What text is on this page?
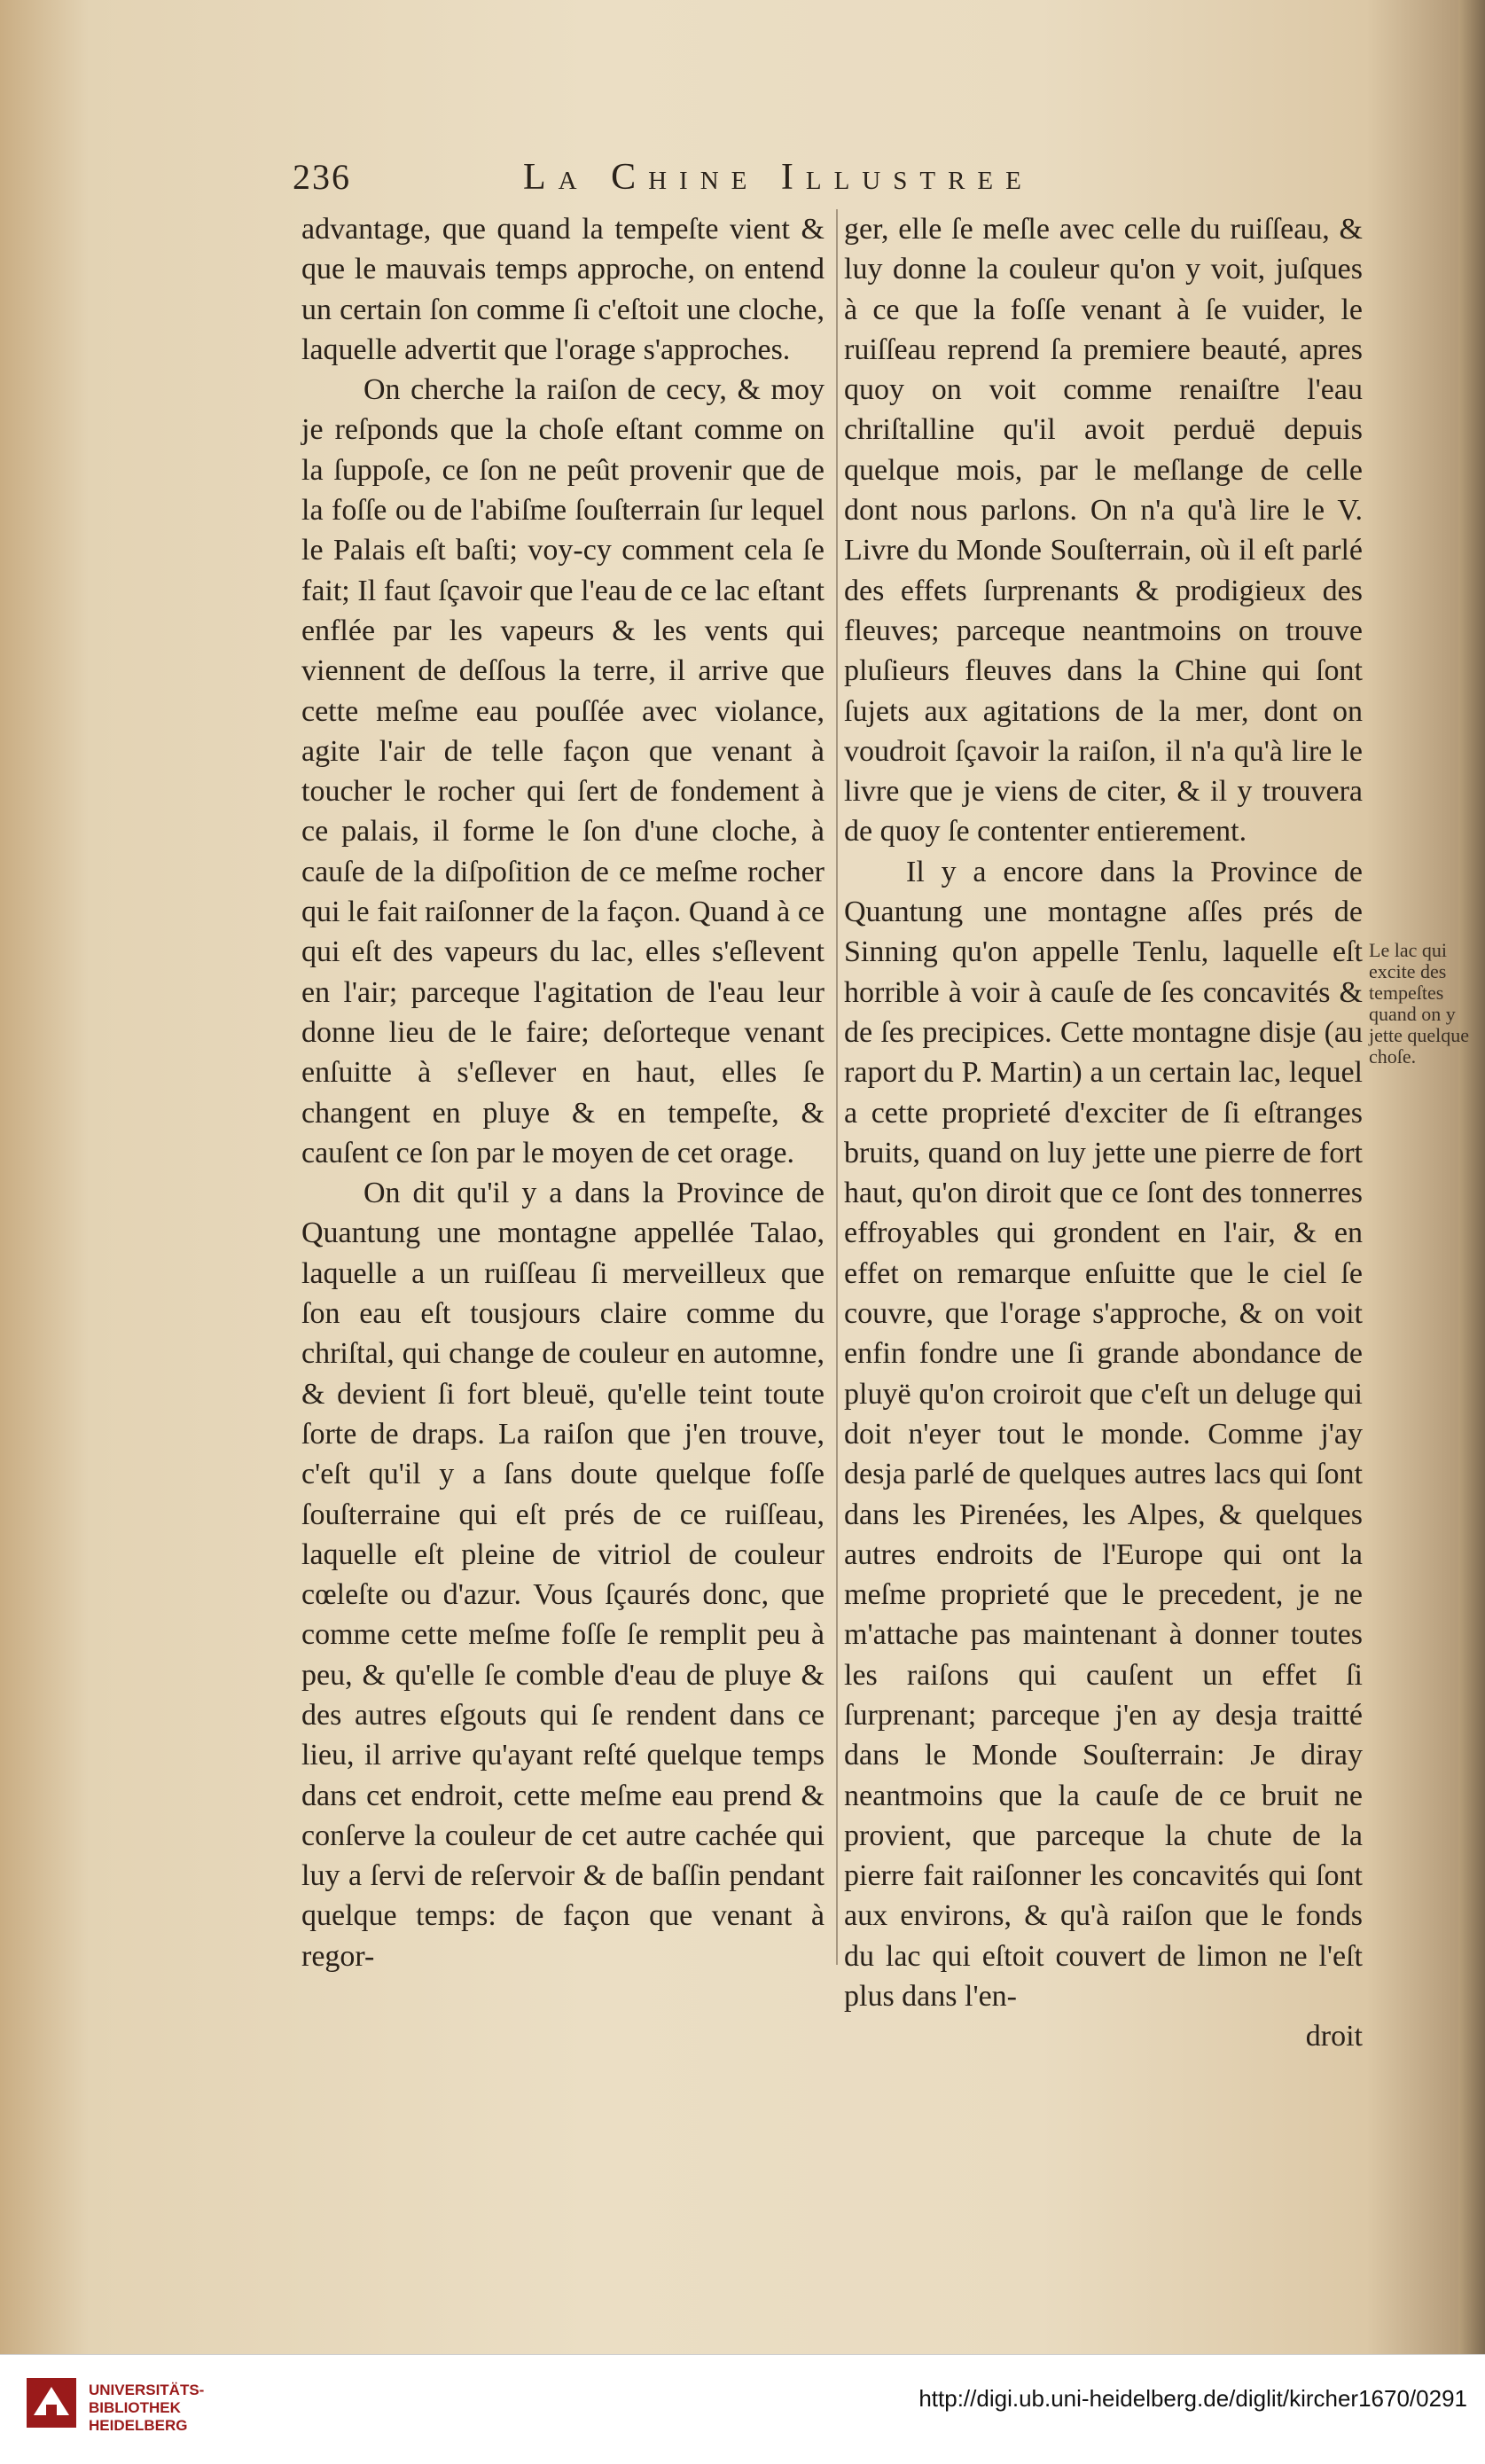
236	La Chine Illustree

advantage, que quand la tempeſte vient & que le mauvais temps approche, on entend un certain ſon comme ſi c'eſtoit une cloche, laquelle advertit que l'orage s'approches.

On cherche la raiſon de cecy, & moy je reſponds que la choſe eſtant comme on la ſuppoſe, ce ſon ne peût provenir que de la foſſe ou de l'abiſme ſouſterrain ſur lequel le Palais eſt baſti; voy-cy comment cela ſe fait; Il faut ſçavoir que l'eau de ce lac eſtant enflée par les vapeurs & les vents qui viennent de deſſous la terre, il arrive que cette meſme eau pouſſée avec violance, agite l'air de telle façon que venant à toucher le rocher qui ſert de fondement à ce palais, il forme le ſon d'une cloche, à cauſe de la diſpoſition de ce meſme rocher qui le fait raiſonner de la façon. Quand à ce qui eſt des vapeurs du lac, elles s'eſlevent en l'air; parceque l'agitation de l'eau leur donne lieu de le faire; deſorteque venant enſuitte à s'eſlever en haut, elles ſe changent en pluye & en tempeſte, & cauſent ce ſon par le moyen de cet orage.

On dit qu'il y a dans la Province de Quantung une montagne appellée Talao, laquelle a un ruiſſeau ſi merveilleux que ſon eau eſt tousjours claire comme du chriſtal, qui change de couleur en automne, & devient ſi fort bleuë, qu'elle teint toute ſorte de draps. La raiſon que j'en trouve, c'eſt qu'il y a ſans doute quelque foſſe ſouſterraine qui eſt prés de ce ruiſſeau, laquelle eſt pleine de vitriol de couleur cœleſte ou d'azur. Vous ſçaurés donc, que comme cette meſme foſſe ſe remplit peu à peu, & qu'elle ſe comble d'eau de pluye & des autres eſgouts qui ſe rendent dans ce lieu, il arrive qu'ayant reſté quelque temps dans cet endroit, cette meſme eau prend & conſerve la couleur de cet autre cachée qui luy a ſervi de reſervoir & de baſſin pendant quelque temps: de façon que venant à regor-

ger, elle ſe meſle avec celle du ruiſſeau, & luy donne la couleur qu'on y voit, juſques à ce que la foſſe venant à ſe vuider, le ruiſſeau reprend ſa premiere beauté, apres quoy on voit comme renaiſtre l'eau chriſtalline qu'il avoit perduë depuis quelque mois, par le meſlange de celle dont nous parlons. On n'a qu'à lire le V. Livre du Monde Souſterrain, où il eſt parlé des effets ſurprenants & prodigieux des fleuves; parceque neantmoins on trouve pluſieurs fleuves dans la Chine qui ſont ſujets aux agitations de la mer, dont on voudroit ſçavoir la raiſon, il n'a qu'à lire le livre que je viens de citer, & il y trouvera de quoy ſe contenter entierement.

Il y a encore dans la Province de Quantung une montagne aſſes prés de Sinning qu'on appelle Tenlu, laquelle eſt horrible à voir à cauſe de ſes concavités & de ſes precipices. Cette montagne disje (au raport du P. Martin) a un certain lac, lequel a cette proprieté d'exciter de ſi eſtranges bruits, quand on luy jette une pierre de fort haut, qu'on diroit que ce ſont des tonnerres effroyables qui grondent en l'air, & en effet on remarque enſuitte que le ciel ſe couvre, que l'orage s'approche, & on voit enfin fondre une ſi grande abondance de pluyë qu'on croiroit que c'eſt un deluge qui doit n'eyer tout le monde. Comme j'ay desja parlé de quelques autres lacs qui ſont dans les Pirenées, les Alpes, & quelques autres endroits de l'Europe qui ont la meſme proprieté que le precedent, je ne m'attache pas maintenant à donner toutes les raiſons qui cauſent un effet ſi ſurprenant; parceque j'en ay desja traitté dans le Monde Souſterrain: Je diray neantmoins que la cauſe de ce bruit ne provient, que parceque la chute de la pierre fait raiſonner les concavités qui ſont aux environs, & qu'à raiſon que le fonds du lac qui eſtoit couvert de limon ne l'eſt plus dans l'en-

droit

Le lac qui excite des tempeſtes quand on y jette quelque choſe.
UNIVERSITÄTS-
BIBLIOTHEK
HEIDELBERG
http://digi.ub.uni-heidelberg.de/diglit/kircher1670/0291
